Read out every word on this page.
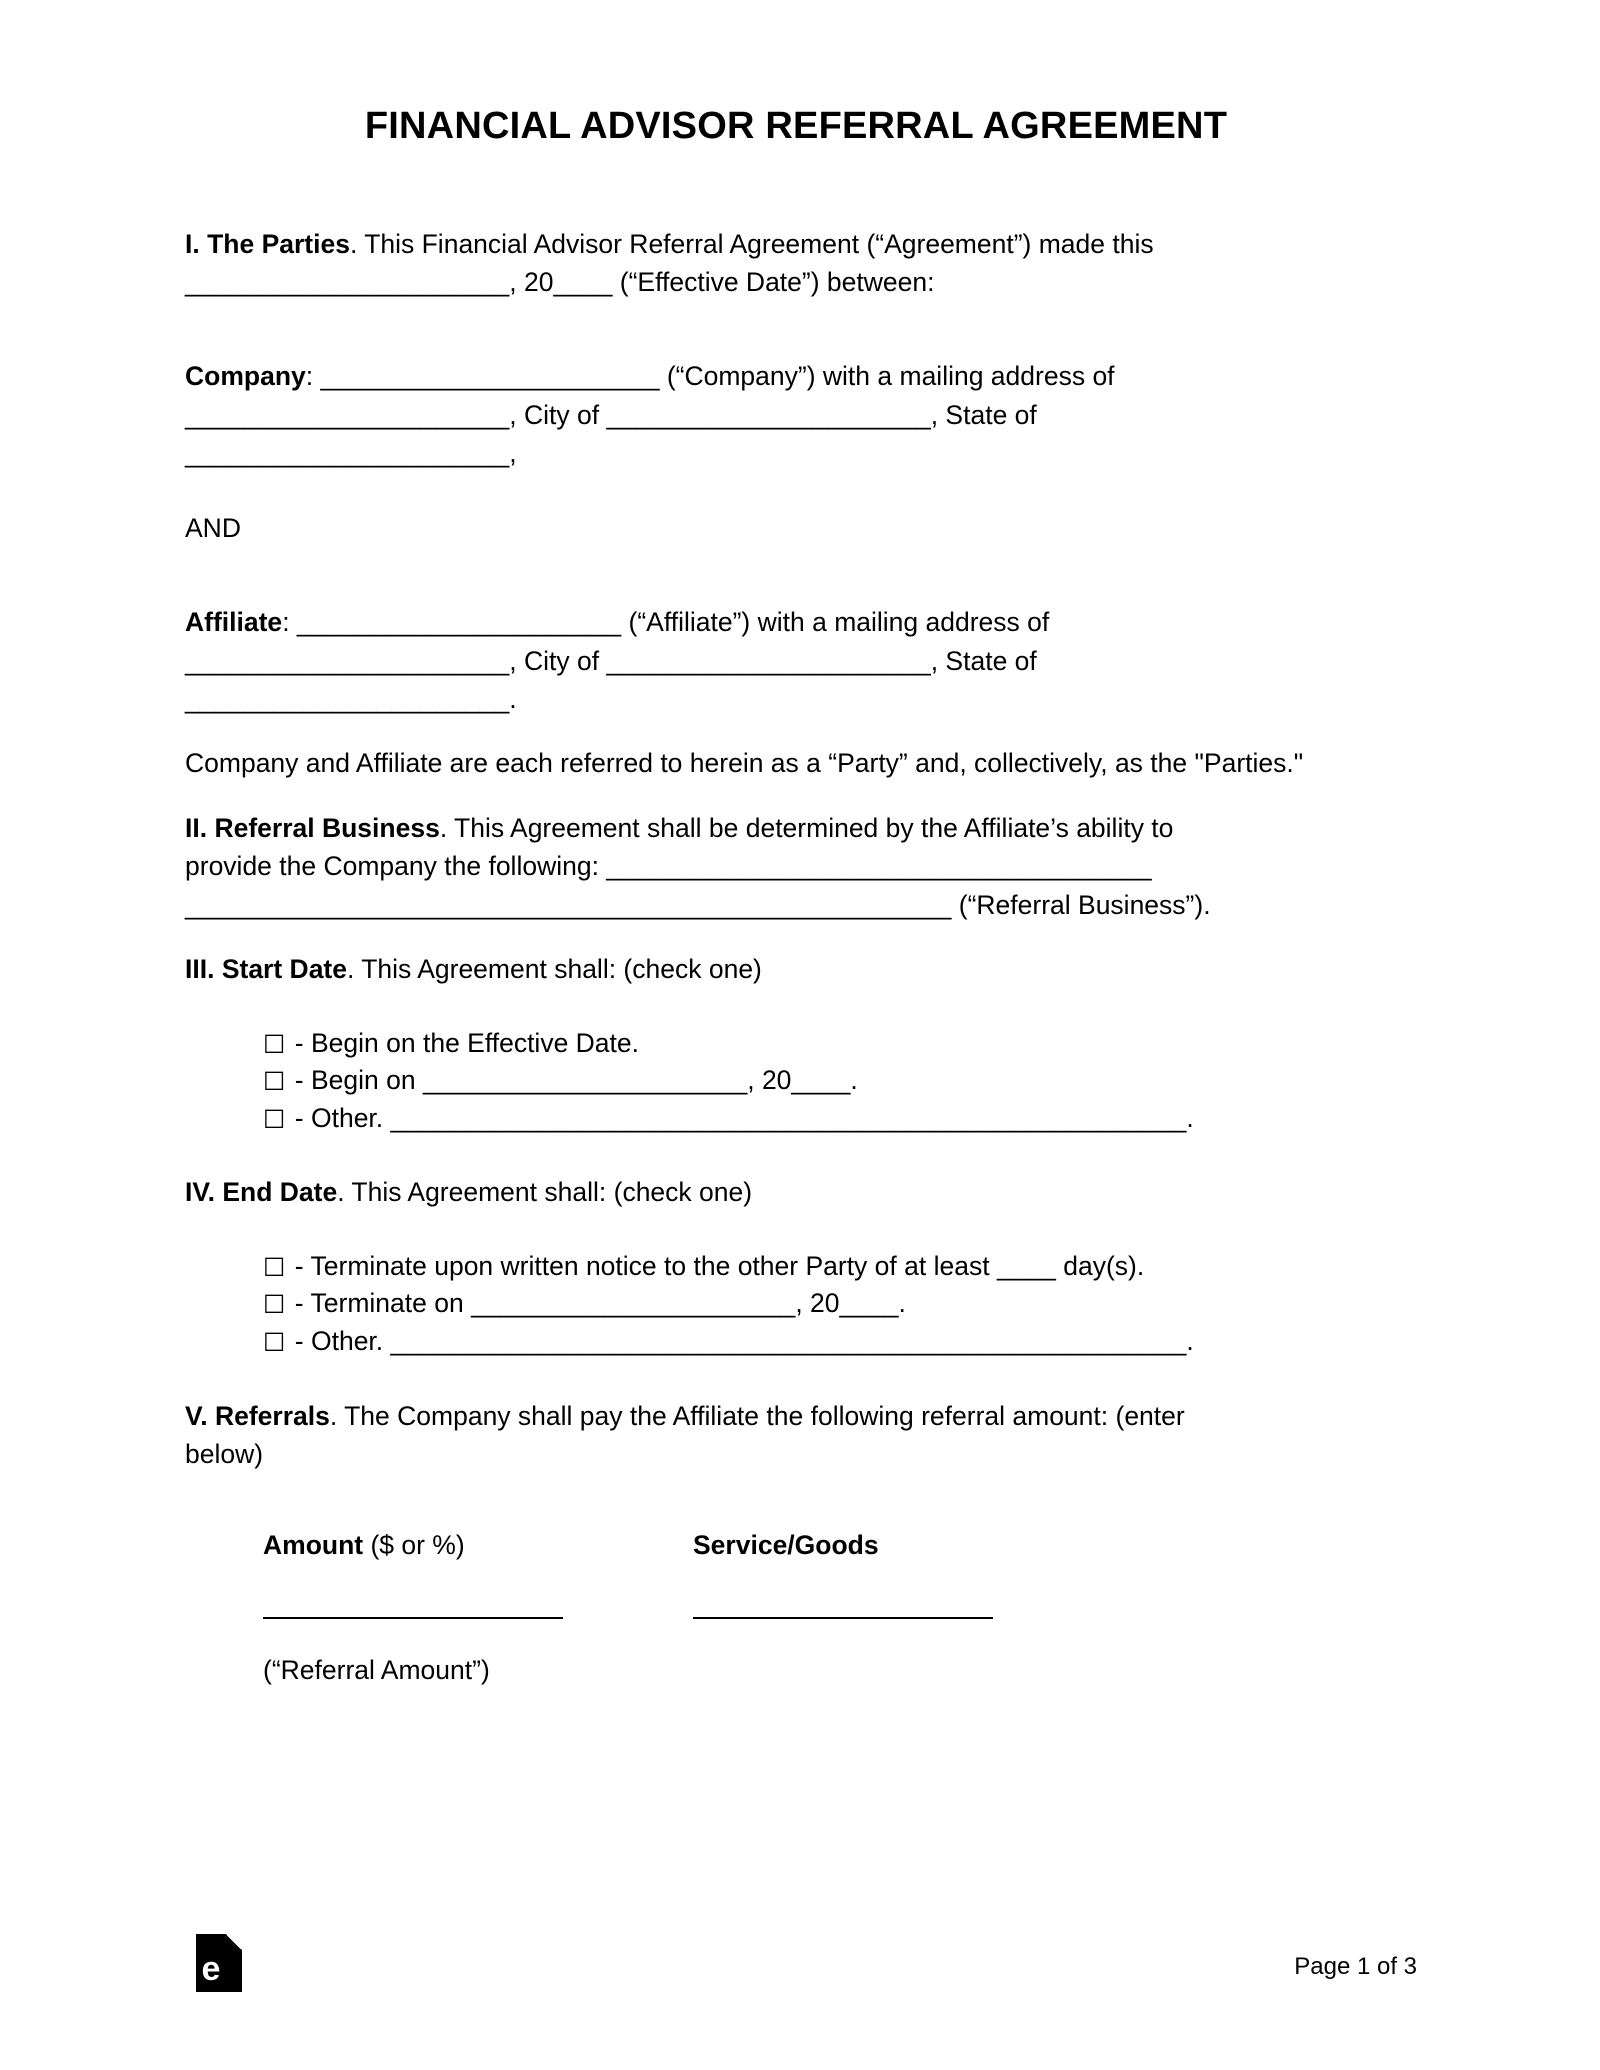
FINANCIAL ADVISOR REFERRAL AGREEMENT

I. The Parties. This Financial Advisor Referral Agreement (“Agreement”) made this
______________________, 20____ (“Effective Date”) between:

Company: _______________________ (“Company”) with a mailing address of
______________________, City of ______________________, State of
______________________,

AND

Affiliate: ______________________ (“Affiliate”) with a mailing address of
______________________, City of ______________________, State of
______________________.

Company and Affiliate are each referred to herein as a “Party” and, collectively, as the "Parties."

II. Referral Business. This Agreement shall be determined by the Affiliate’s ability to
provide the Company the following: _____________________________________
____________________________________________________ (“Referral Business”).

III. Start Date. This Agreement shall: (check one)

☐ - Begin on the Effective Date.

☐ - Begin on ______________________, 20____.

☐ - Other. ______________________________________________________.

IV. End Date. This Agreement shall: (check one)

☐ - Terminate upon written notice to the other Party of at least ____ day(s).

☐ - Terminate on ______________________, 20____.

☐ - Other. ______________________________________________________.

V. Referrals. The Company shall pay the Affiliate the following referral amount: (enter
below)

Amount ($ or %)	Service/Goods
(“Referral Amount”)
e	Page 1 of 3
